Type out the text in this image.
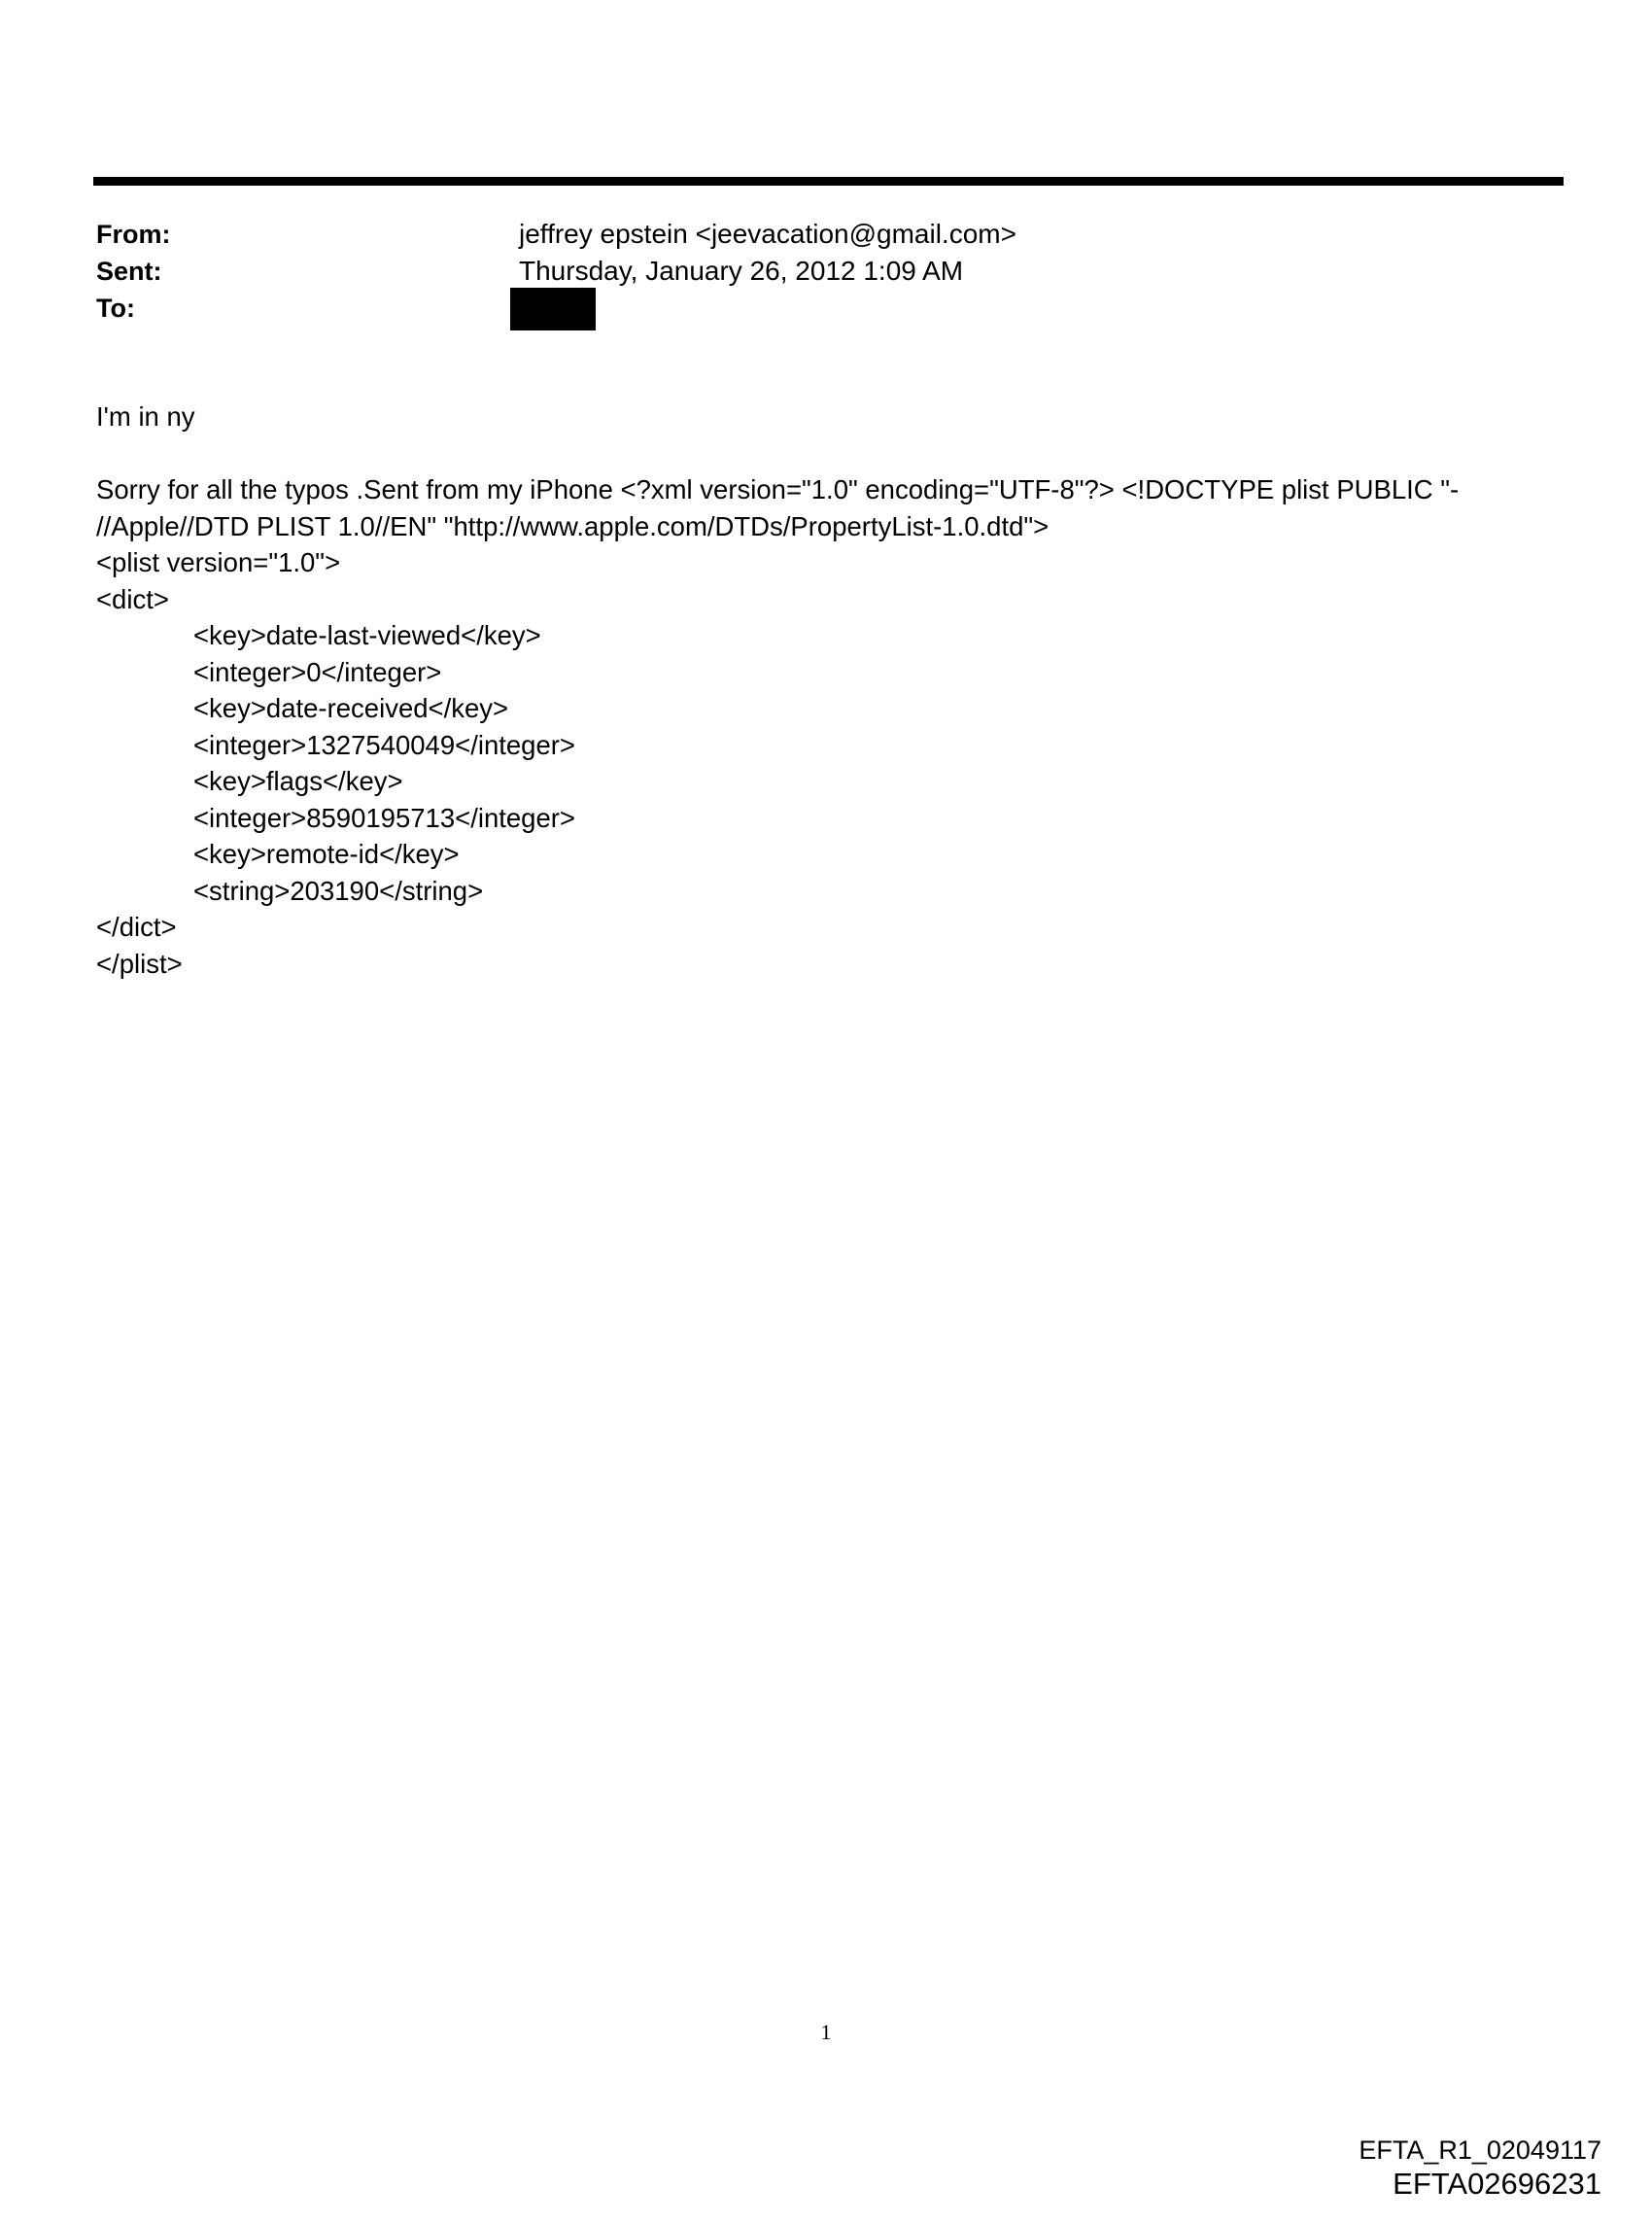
From:	jeffrey epstein <jeevacation@gmail.com>
Sent:	Thursday, January 26, 2012 1:09 AM
To:
I'm in ny
Sorry for all the typos .Sent from my iPhone <?xml version="1.0" encoding="UTF-8"?> <!DOCTYPE plist PUBLIC "-
//Apple//DTD PLIST 1.0//EN" "http://www.apple.com/DTDs/PropertyList-1.0.dtd">
<plist version="1.0">
<dict>
<key>date-last-viewed</key>
<integer>0</integer>
<key>date-received</key>
<integer>1327540049</integer>
<key>flags</key>
<integer>8590195713</integer>
<key>remote-id</key>
<string>203190</string>
</dict>
</plist>
1
EFTA_R1_02049117
EFTA02696231
